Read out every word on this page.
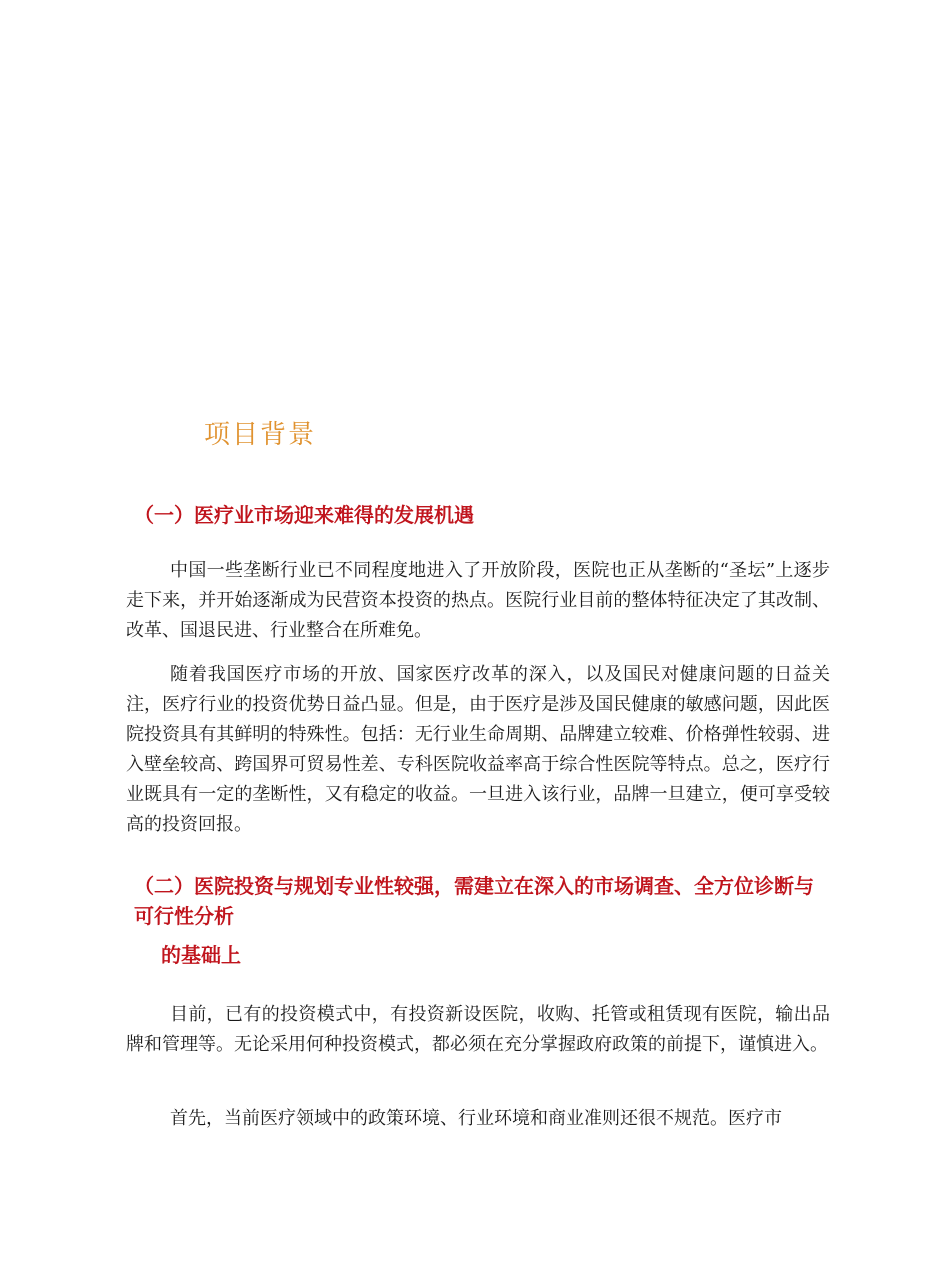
项目背景
（一）医疗业市场迎来难得的发展机遇

中国一些垄断行业已不同程度地进入了开放阶段，医院也正从垄断的“圣坛”上逐步走下来，并开始逐渐成为民营资本投资的热点。医院行业目前的整体特征决定了其改制、改革、国退民进、行业整合在所难免。

随着我国医疗市场的开放、国家医疗改革的深入，以及国民对健康问题的日益关注，医疗行业的投资优势日益凸显。但是，由于医疗是涉及国民健康的敏感问题，因此医院投资具有其鲜明的特殊性。包括：无行业生命周期、品牌建立较难、价格弹性较弱、进入壁垒较高、跨国界可贸易性差、专科医院收益率高于综合性医院等特点。总之，医疗行业既具有一定的垄断性，又有稳定的收益。一旦进入该行业，品牌一旦建立，便可享受较高的投资回报。

（二）医院投资与规划专业性较强，需建立在深入的市场调查、全方位诊断与可行性分析
的基础上

目前，已有的投资模式中，有投资新设医院，收购、托管或租赁现有医院，输出品牌和管理等。无论采用何种投资模式，都必须在充分掌握政府政策的前提下，谨慎进入。

首先，当前医疗领域中的政策环境、行业环境和商业准则还很不规范。医疗市
